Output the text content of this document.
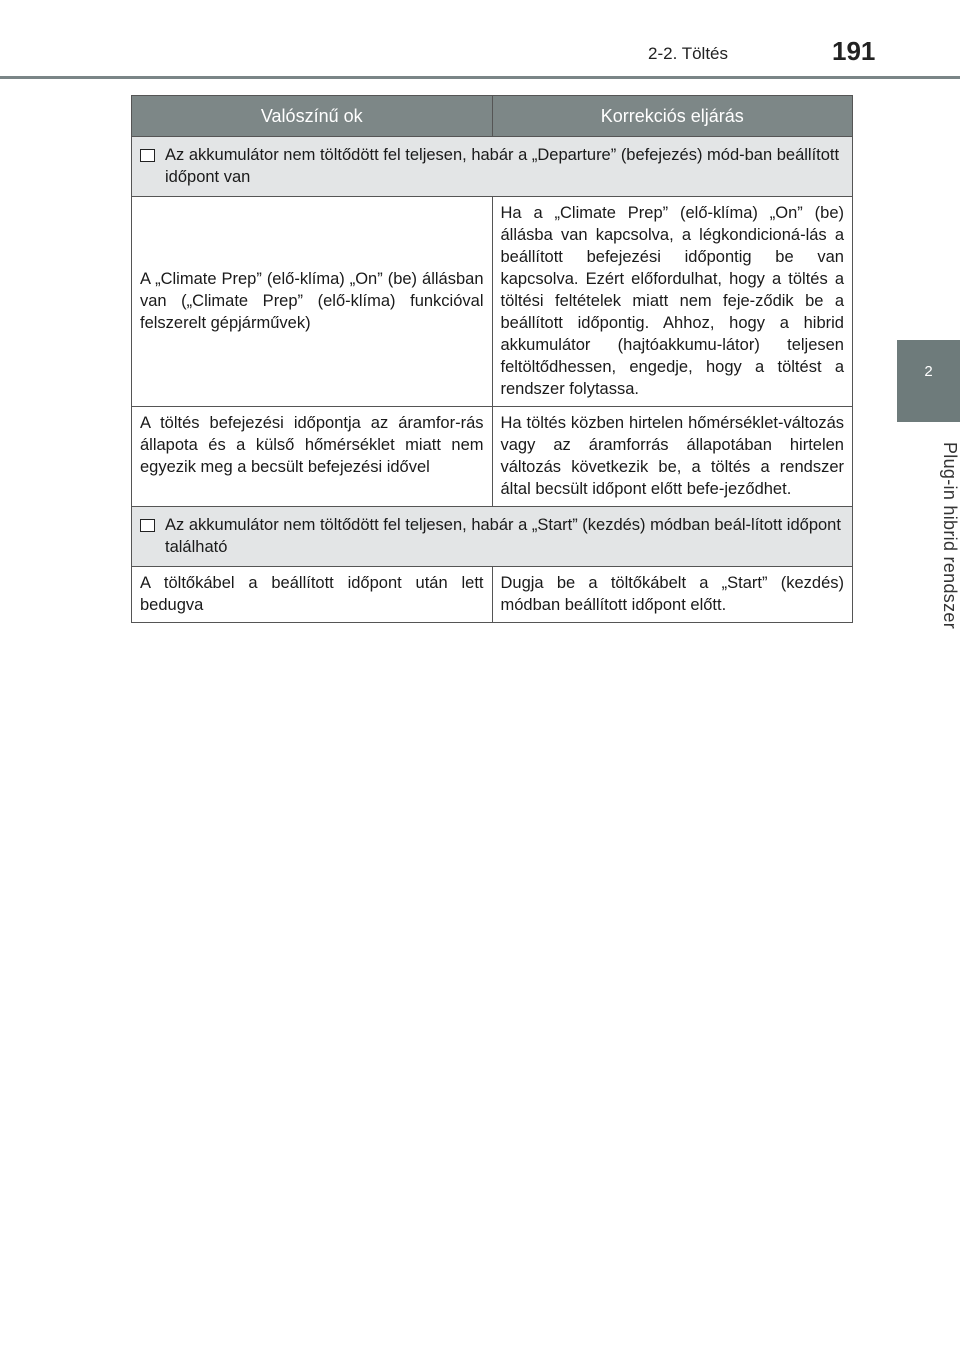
2-2. Töltés	191
2
Plug-in hibrid rendszer
Valószínű ok	Korrekciós eljárás

Az akkumulátor nem töltődött fel teljesen, habár a „Departure” (befejezés) mód-ban beállított időpont van	

A „Climate Prep” (elő-klíma) „On” (be) állásban van („Climate Prep” (elő-klíma) funkcióval felszerelt gépjárművek)	Ha a „Climate Prep” (elő-klíma) „On” (be) állásba van kapcsolva, a légkondicioná-lás a beállított befejezési időpontig be van kapcsolva. Ezért előfordulhat, hogy a töltés a töltési feltételek miatt nem feje-ződik be a beállított időpontig. Ahhoz, hogy a hibrid akkumulátor (hajtóakkumu-látor) teljesen feltöltődhessen, engedje, hogy a töltést a rendszer folytassa.
A töltés befejezési időpontja az áramfor-rás állapota és a külső hőmérséklet miatt nem egyezik meg a becsült befejezési idővel	Ha töltés közben hirtelen hőmérséklet-változás vagy az áramforrás állapotában hirtelen változás következik be, a töltés a rendszer által becsült időpont előtt befe-jeződhet.

Az akkumulátor nem töltődött fel teljesen, habár a „Start” (kezdés) módban beál-lított időpont található	

A töltőkábel a beállított időpont után lett bedugva	Dugja be a töltőkábelt a „Start” (kezdés) módban beállított időpont előtt.
